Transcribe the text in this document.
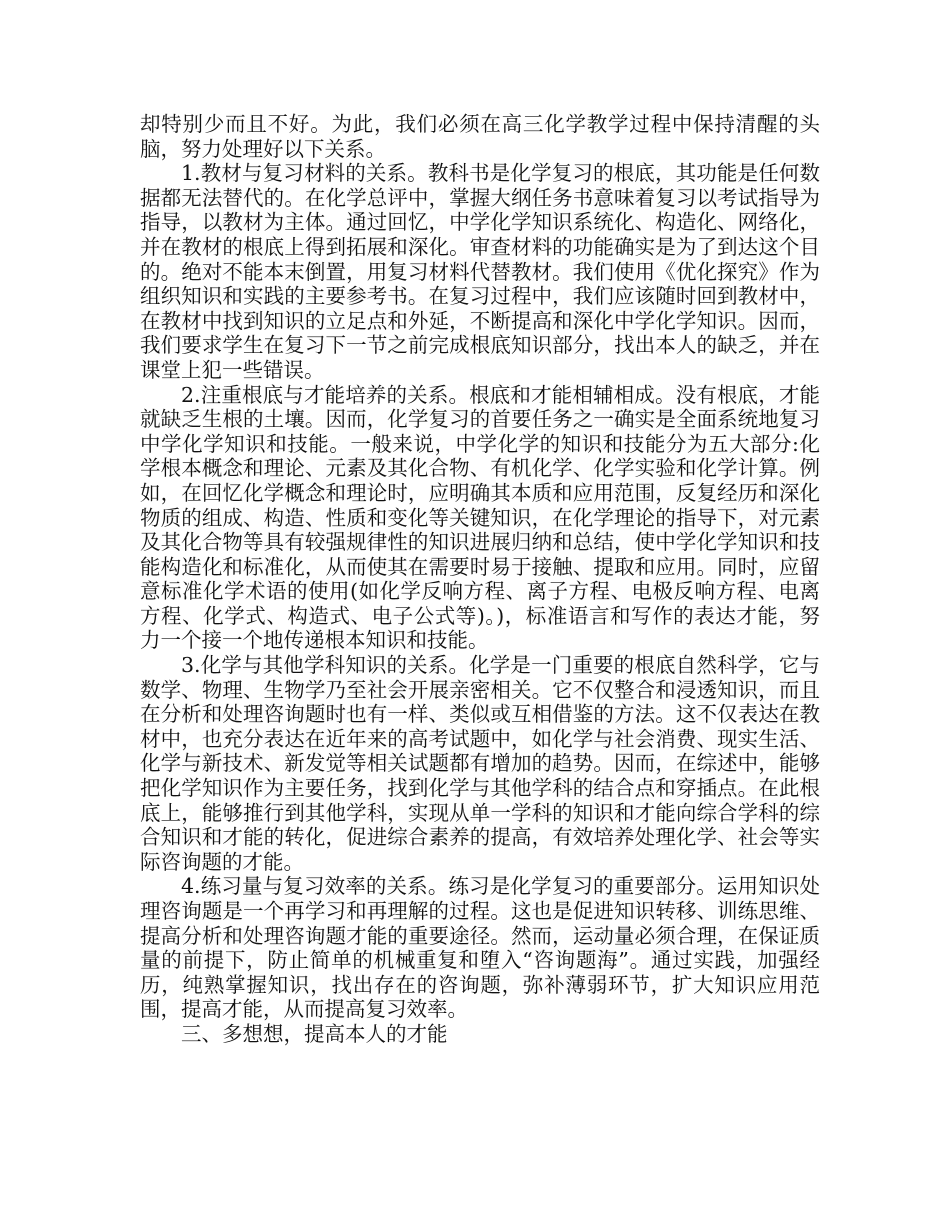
却特别少而且不好。为此，我们必须在高三化学教学过程中保持清醒的头脑，努力处理好以下关系。

1.教材与复习材料的关系。教科书是化学复习的根底，其功能是任何数据都无法替代的。在化学总评中，掌握大纲任务书意味着复习以考试指导为指导，以教材为主体。通过回忆，中学化学知识系统化、构造化、网络化，并在教材的根底上得到拓展和深化。审查材料的功能确实是为了到达这个目的。绝对不能本末倒置，用复习材料代替教材。我们使用《优化探究》作为组织知识和实践的主要参考书。在复习过程中，我们应该随时回到教材中，在教材中找到知识的立足点和外延，不断提高和深化中学化学知识。因而，我们要求学生在复习下一节之前完成根底知识部分，找出本人的缺乏，并在课堂上犯一些错误。

2.注重根底与才能培养的关系。根底和才能相辅相成。没有根底，才能就缺乏生根的土壤。因而，化学复习的首要任务之一确实是全面系统地复习中学化学知识和技能。一般来说，中学化学的知识和技能分为五大部分:化学根本概念和理论、元素及其化合物、有机化学、化学实验和化学计算。例如，在回忆化学概念和理论时，应明确其本质和应用范围，反复经历和深化物质的组成、构造、性质和变化等关键知识，在化学理论的指导下，对元素及其化合物等具有较强规律性的知识进展归纳和总结，使中学化学知识和技能构造化和标准化，从而使其在需要时易于接触、提取和应用。同时，应留意标准化学术语的使用(如化学反响方程、离子方程、电极反响方程、电离方程、化学式、构造式、电子公式等)。)，标准语言和写作的表达才能，努力一个接一个地传递根本知识和技能。

3.化学与其他学科知识的关系。化学是一门重要的根底自然科学，它与数学、物理、生物学乃至社会开展亲密相关。它不仅整合和浸透知识，而且在分析和处理咨询题时也有一样、类似或互相借鉴的方法。这不仅表达在教材中，也充分表达在近年来的高考试题中，如化学与社会消费、现实生活、化学与新技术、新发觉等相关试题都有增加的趋势。因而，在综述中，能够把化学知识作为主要任务，找到化学与其他学科的结合点和穿插点。在此根底上，能够推行到其他学科，实现从单一学科的知识和才能向综合学科的综合知识和才能的转化，促进综合素养的提高，有效培养处理化学、社会等实际咨询题的才能。

4.练习量与复习效率的关系。练习是化学复习的重要部分。运用知识处理咨询题是一个再学习和再理解的过程。这也是促进知识转移、训练思维、提高分析和处理咨询题才能的重要途径。然而，运动量必须合理，在保证质量的前提下，防止简单的机械重复和堕入“咨询题海”。通过实践，加强经历，纯熟掌握知识，找出存在的咨询题，弥补薄弱环节，扩大知识应用范围，提高才能，从而提高复习效率。

三、多想想，提高本人的才能
